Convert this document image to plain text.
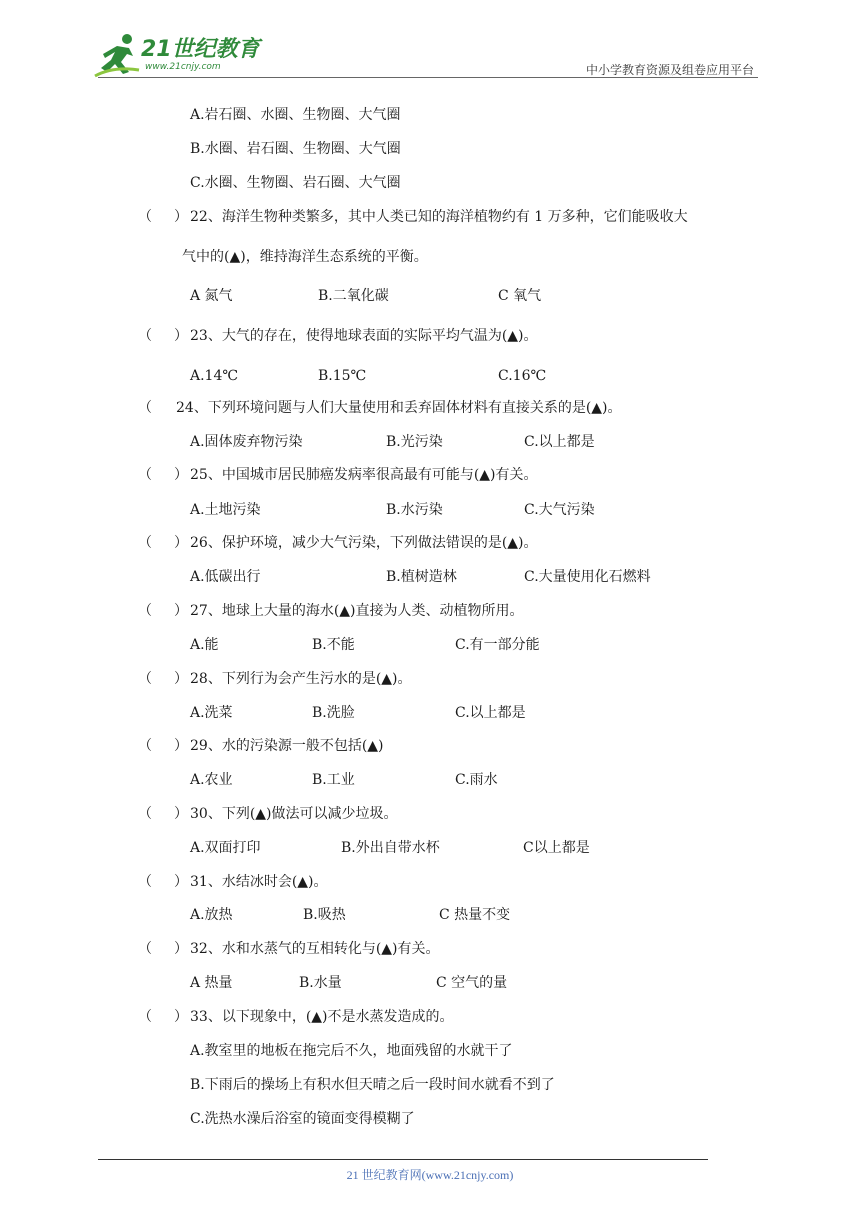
21世纪教育
www.21cnjy.com	中小学教育资源及组卷应用平台
A.岩石圈、水圈、生物圈、大气圈
B.水圈、岩石圈、生物圈、大气圈
C.水圈、生物圈、岩石圈、大气圈
（ ） 22、海洋生物种类繁多，其中人类已知的海洋植物约有 1 万多种，它们能吸收大
气中的(▲)，维持海洋生态系统的平衡。
A 氮气	B.二氧化碳	C 氧气
（ ） 23、大气的存在，使得地球表面的实际平均气温为(▲)。
A.14℃	B.15℃	C.16℃
（ 24、下列环境问题与人们大量使用和丢弃固体材料有直接关系的是(▲)。
A.固体废弃物污染	B.光污染	C.以上都是
（ ） 25、中国城市居民肺癌发病率很高最有可能与(▲)有关。
A.土地污染	B.水污染	C.大气污染
（ ） 26、保护环境，减少大气污染，下列做法错误的是(▲)。
A.低碳出行	B.植树造林	C.大量使用化石燃料
（ ） 27、地球上大量的海水(▲)直接为人类、动植物所用。
A.能	B.不能	C.有一部分能
（ ） 28、下列行为会产生污水的是(▲)。
A.洗菜	B.洗脸	C.以上都是
（ ） 29、水的污染源一般不包括(▲)
A.农业	B.工业	C.雨水
（ ） 30、下列(▲)做法可以减少垃圾。
A.双面打印	B.外出自带水杯	C以上都是
（ ） 31、水结冰时会(▲)。
A.放热	B.吸热	C 热量不变
（ ） 32、水和水蒸气的互相转化与(▲)有关。
A 热量	B.水量	C 空气的量
（ ） 33、以下现象中，(▲)不是水蒸发造成的。
A.教室里的地板在拖完后不久，地面残留的水就干了
B.下雨后的操场上有积水但天晴之后一段时间水就看不到了
C.洗热水澡后浴室的镜面变得模糊了
21 世纪教育网(www.21cnjy.com)
